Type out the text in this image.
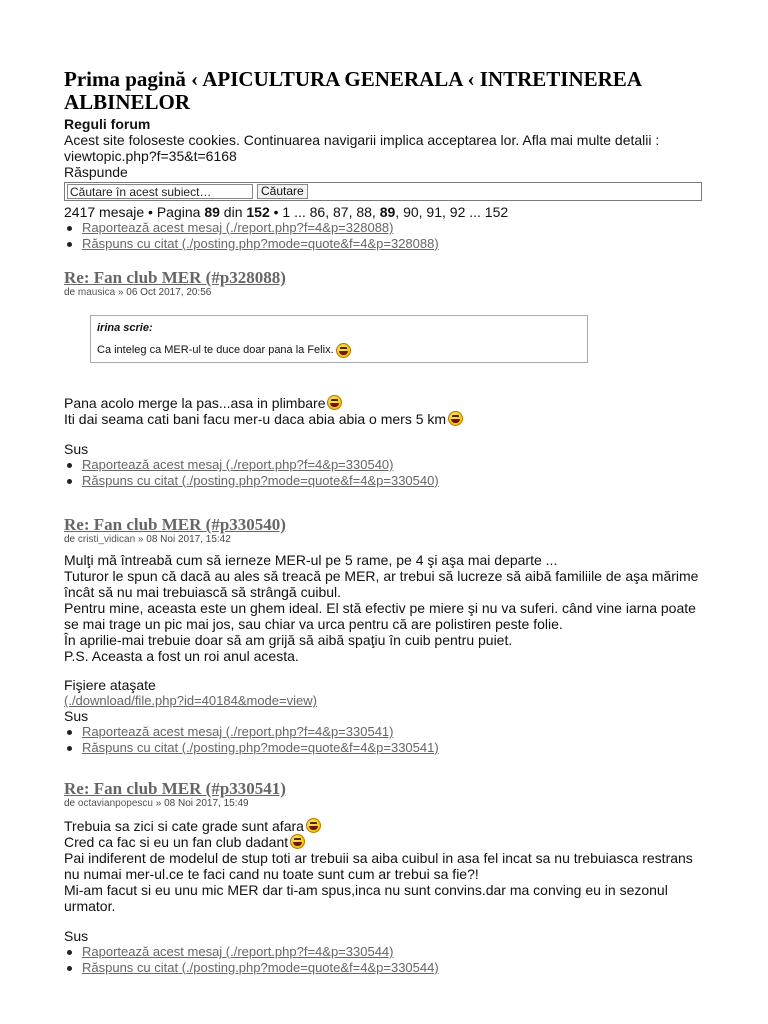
Prima pagină ‹ APICULTURA GENERALA ‹ INTRETINEREA ALBINELOR
Reguli forum
Acest site foloseste cookies. Continuarea navigarii implica acceptarea lor. Afla mai multe detalii :
viewtopic.php?f=35&t=6168
Răspunde
Căutare în acest subiect…
Căutare
2417 mesaje • Pagina 89 din 152 • 1 ... 86, 87, 88, 89, 90, 91, 92 ... 152
Raportează acest mesaj (./report.php?f=4&p=328088)
Răspuns cu citat (./posting.php?mode=quote&f=4&p=328088)
Re: Fan club MER (#p328088)
de mausica » 06 Oct 2017, 20:56
irina scrie:
Ca inteleg ca MER-ul te duce doar pana la Felix.
Pana acolo merge la pas...asa in plimbare
Iti dai seama cati bani facu mer-u daca abia abia o mers 5 km
Sus
Raportează acest mesaj (./report.php?f=4&p=330540)
Răspuns cu citat (./posting.php?mode=quote&f=4&p=330540)
Re: Fan club MER (#p330540)
de cristi_vidican » 08 Noi 2017, 15:42
Mulţi mă întreabă cum să ierneze MER-ul pe 5 rame, pe 4 şi aşa mai departe ...
Tuturor le spun că dacă au ales să treacă pe MER, ar trebui să lucreze să aibă familiile de aşa mărime
încât să nu mai trebuiască să strângă cuibul.
Pentru mine, aceasta este un ghem ideal. El stă efectiv pe miere şi nu va suferi. când vine iarna poate
se mai trage un pic mai jos, sau chiar va urca pentru că are polistiren peste folie.
În aprilie-mai trebuie doar să am grijă să aibă spaţiu în cuib pentru puiet.
P.S. Aceasta a fost un roi anul acesta.
Fişiere ataşate
(./download/file.php?id=40184&mode=view)
Sus
Raportează acest mesaj (./report.php?f=4&p=330541)
Răspuns cu citat (./posting.php?mode=quote&f=4&p=330541)
Re: Fan club MER (#p330541)
de octavianpopescu » 08 Noi 2017, 15:49
Trebuia sa zici si cate grade sunt afara
Cred ca fac si eu un fan club dadant
Pai indiferent de modelul de stup toti ar trebuii sa aiba cuibul in asa fel incat sa nu trebuiasca restrans
nu numai mer-ul.ce te faci cand nu toate sunt cum ar trebui sa fie?!
Mi-am facut si eu unu mic MER dar ti-am spus,inca nu sunt convins.dar ma conving eu in sezonul
urmator.
Sus
Raportează acest mesaj (./report.php?f=4&p=330544)
Răspuns cu citat (./posting.php?mode=quote&f=4&p=330544)
